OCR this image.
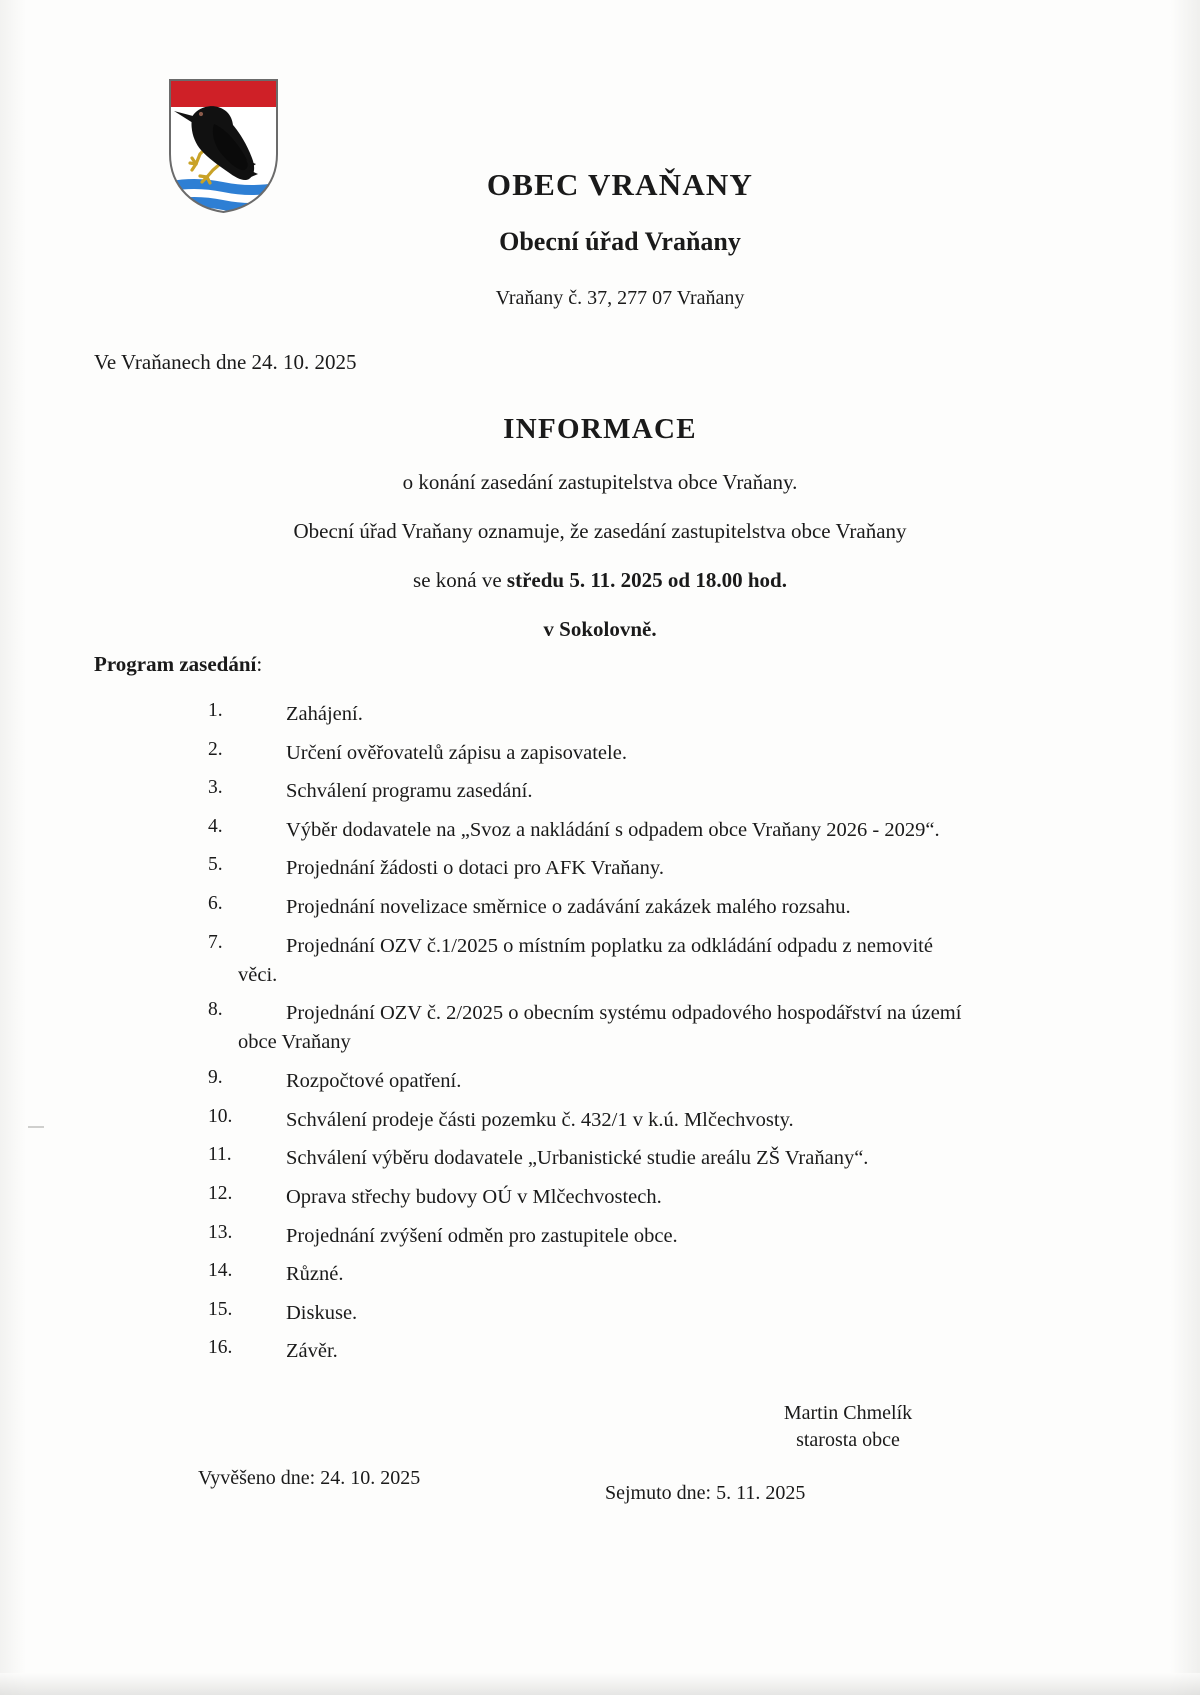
OBEC VRAŇANY
Obecní úřad Vraňany
Vraňany č. 37, 277 07 Vraňany
Ve Vraňanech dne 24. 10. 2025
INFORMACE
o konání zasedání zastupitelstva obce Vraňany.
Obecní úřad Vraňany oznamuje, že zasedání zastupitelstva obce Vraňany
se koná ve středu 5. 11. 2025 od 18.00 hod.
v Sokolovně.
Program zasedání:
1.	Zahájení.
2.	Určení ověřovatelů zápisu a zapisovatele.
3.	Schválení programu zasedání.
4.	Výběr dodavatele na „Svoz a nakládání s odpadem obce Vraňany 2026 - 2029“.
5.	Projednání žádosti o dotaci pro AFK Vraňany.
6.	Projednání novelizace směrnice o zadávání zakázek malého rozsahu.
7.	Projednání OZV č.1/2025 o místním poplatku za odkládání odpadu z nemovité
věci.
8.	Projednání OZV č. 2/2025 o obecním systému odpadového hospodářství na území
obce Vraňany
9.	Rozpočtové opatření.
10.	Schválení prodeje části pozemku č. 432/1 v k.ú. Mlčechvosty.
11.	Schválení výběru dodavatele „Urbanistické studie areálu ZŠ Vraňany“.
12.	Oprava střechy budovy OÚ v Mlčechvostech.
13.	Projednání zvýšení odměn pro zastupitele obce.
14.	Různé.
15.	Diskuse.
16.	Závěr.
Martin Chmelík
starosta obce
Vyvěšeno dne: 24. 10. 2025
Sejmuto dne: 5. 11. 2025
